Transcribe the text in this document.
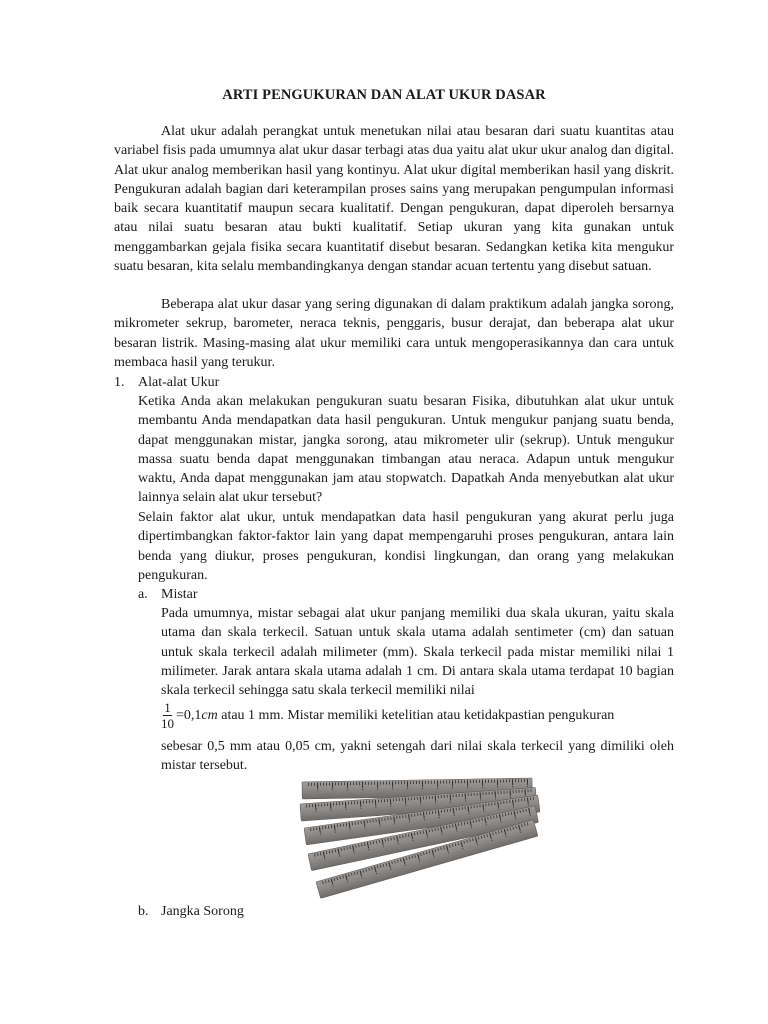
ARTI PENGUKURAN DAN ALAT UKUR DASAR
Alat ukur adalah perangkat untuk menetukan nilai atau besaran dari suatu kuantitas atau variabel fisis pada umumnya alat ukur dasar terbagi atas dua yaitu alat ukur ukur analog dan digital. Alat ukur analog memberikan hasil yang kontinyu. Alat ukur digital memberikan hasil yang diskrit. Pengukuran adalah bagian dari keterampilan proses sains yang merupakan pengumpulan informasi baik secara kuantitatif maupun secara kualitatif. Dengan pengukuran, dapat diperoleh bersarnya atau nilai suatu besaran atau bukti kualitatif. Setiap ukuran yang kita gunakan untuk menggambarkan gejala fisika secara kuantitatif disebut besaran. Sedangkan ketika kita mengukur suatu besaran, kita selalu membandingkanya dengan standar acuan tertentu yang disebut satuan.
Beberapa alat ukur dasar yang sering digunakan di dalam praktikum adalah jangka sorong, mikrometer sekrup, barometer, neraca teknis, penggaris, busur derajat, dan beberapa alat ukur besaran listrik. Masing-masing alat ukur memiliki cara untuk mengoperasikannya dan cara untuk membaca hasil yang terukur.
1. Alat-alat Ukur
Ketika Anda akan melakukan pengukuran suatu besaran Fisika, dibutuhkan alat ukur untuk membantu Anda mendapatkan data hasil pengukuran. Untuk mengukur panjang suatu benda, dapat menggunakan mistar, jangka sorong, atau mikrometer ulir (sekrup). Untuk mengukur massa suatu benda dapat menggunakan timbangan atau neraca. Adapun untuk mengukur waktu, Anda dapat menggunakan jam atau stopwatch. Dapatkah Anda menyebutkan alat ukur lainnya selain alat ukur tersebut?
Selain faktor alat ukur, untuk mendapatkan data hasil pengukuran yang akurat perlu juga dipertimbangkan faktor-faktor lain yang dapat mempengaruhi proses pengukuran, antara lain benda yang diukur, proses pengukuran, kondisi lingkungan, dan orang yang melakukan pengukuran.
a. Mistar
Pada umumnya, mistar sebagai alat ukur panjang memiliki dua skala ukuran, yaitu skala utama dan skala terkecil. Satuan untuk skala utama adalah sentimeter (cm) dan satuan untuk skala terkecil adalah milimeter (mm). Skala terkecil pada mistar memiliki nilai 1 milimeter. Jarak antara skala utama adalah 1 cm. Di antara skala utama terdapat 10 bagian skala terkecil sehingga satu skala terkecil memiliki nilai
$\frac{1}{10} =0,1$ cm atau 1 mm. Mistar memiliki ketelitian atau ketidakpastian pengukuran
sebesar 0,5 mm atau 0,05 cm, yakni setengah dari nilai skala terkecil yang dimiliki oleh mistar tersebut.
b. Jangka Sorong
